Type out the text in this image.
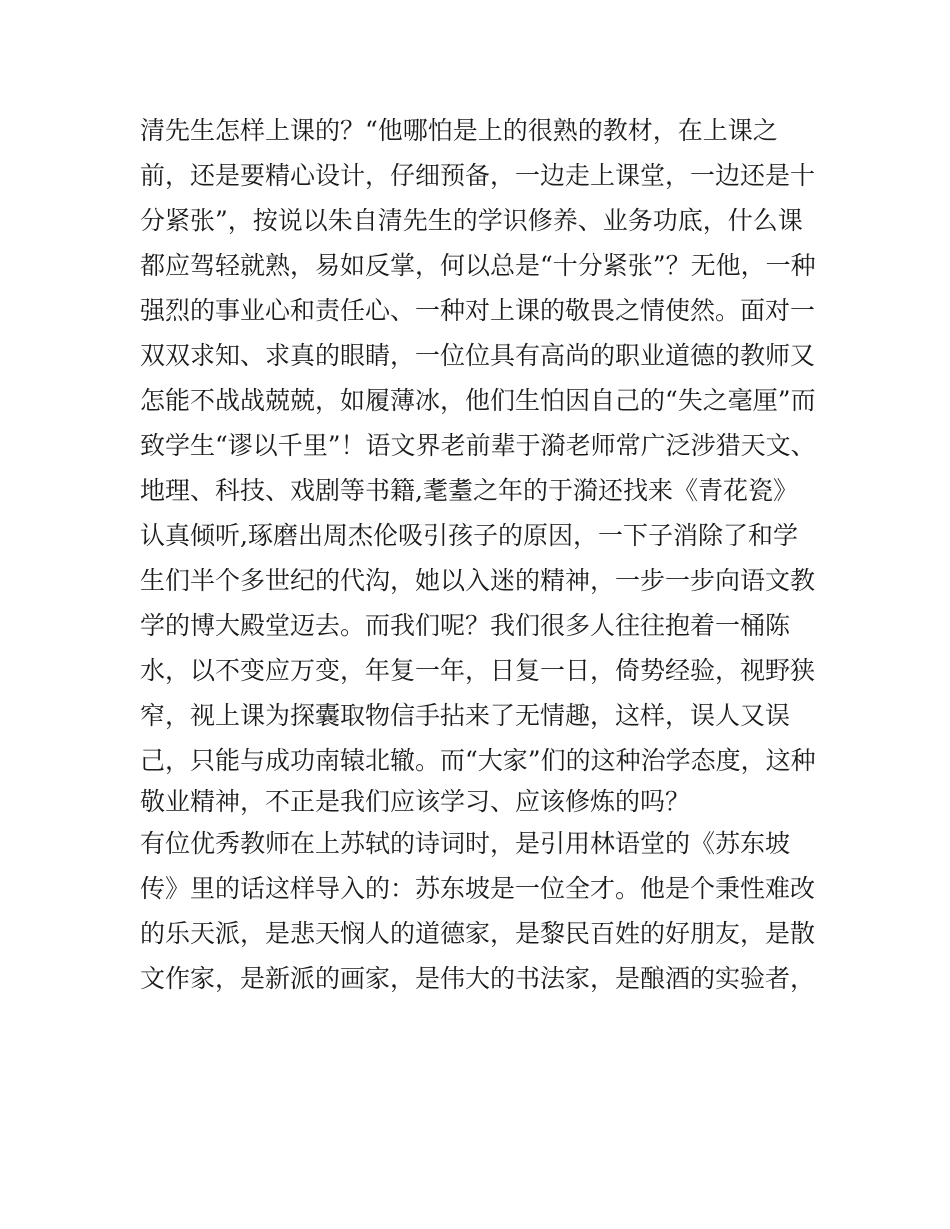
清先生怎样上课的？“他哪怕是上的很熟的教材，在上课之
前，还是要精心设计，仔细预备，一边走上课堂，一边还是十
分紧张”，按说以朱自清先生的学识修养、业务功底，什么课
都应驾轻就熟，易如反掌，何以总是“十分紧张”？无他，一种
强烈的事业心和责任心、一种对上课的敬畏之情使然。面对一
双双求知、求真的眼睛，一位位具有高尚的职业道德的教师又
怎能不战战兢兢，如履薄冰，他们生怕因自己的“失之毫厘”而
致学生“谬以千里”！语文界老前辈于漪老师常广泛涉猎天文、
地理、科技、戏剧等书籍,耄耋之年的于漪还找来《青花瓷》
认真倾听,琢磨出周杰伦吸引孩子的原因，一下子消除了和学
生们半个多世纪的代沟，她以入迷的精神，一步一步向语文教
学的博大殿堂迈去。而我们呢？我们很多人往往抱着一桶陈
水，以不变应万变，年复一年，日复一日，倚势经验，视野狭
窄，视上课为探囊取物信手拈来了无情趣，这样，误人又误
己，只能与成功南辕北辙。而“大家”们的这种治学态度，这种
敬业精神，不正是我们应该学习、应该修炼的吗？
有位优秀教师在上苏轼的诗词时，是引用林语堂的《苏东坡
传》里的话这样导入的：苏东坡是一位全才。他是个秉性难改
的乐天派，是悲天悯人的道德家，是黎民百姓的好朋友，是散
文作家，是新派的画家，是伟大的书法家，是酿酒的实验者，
